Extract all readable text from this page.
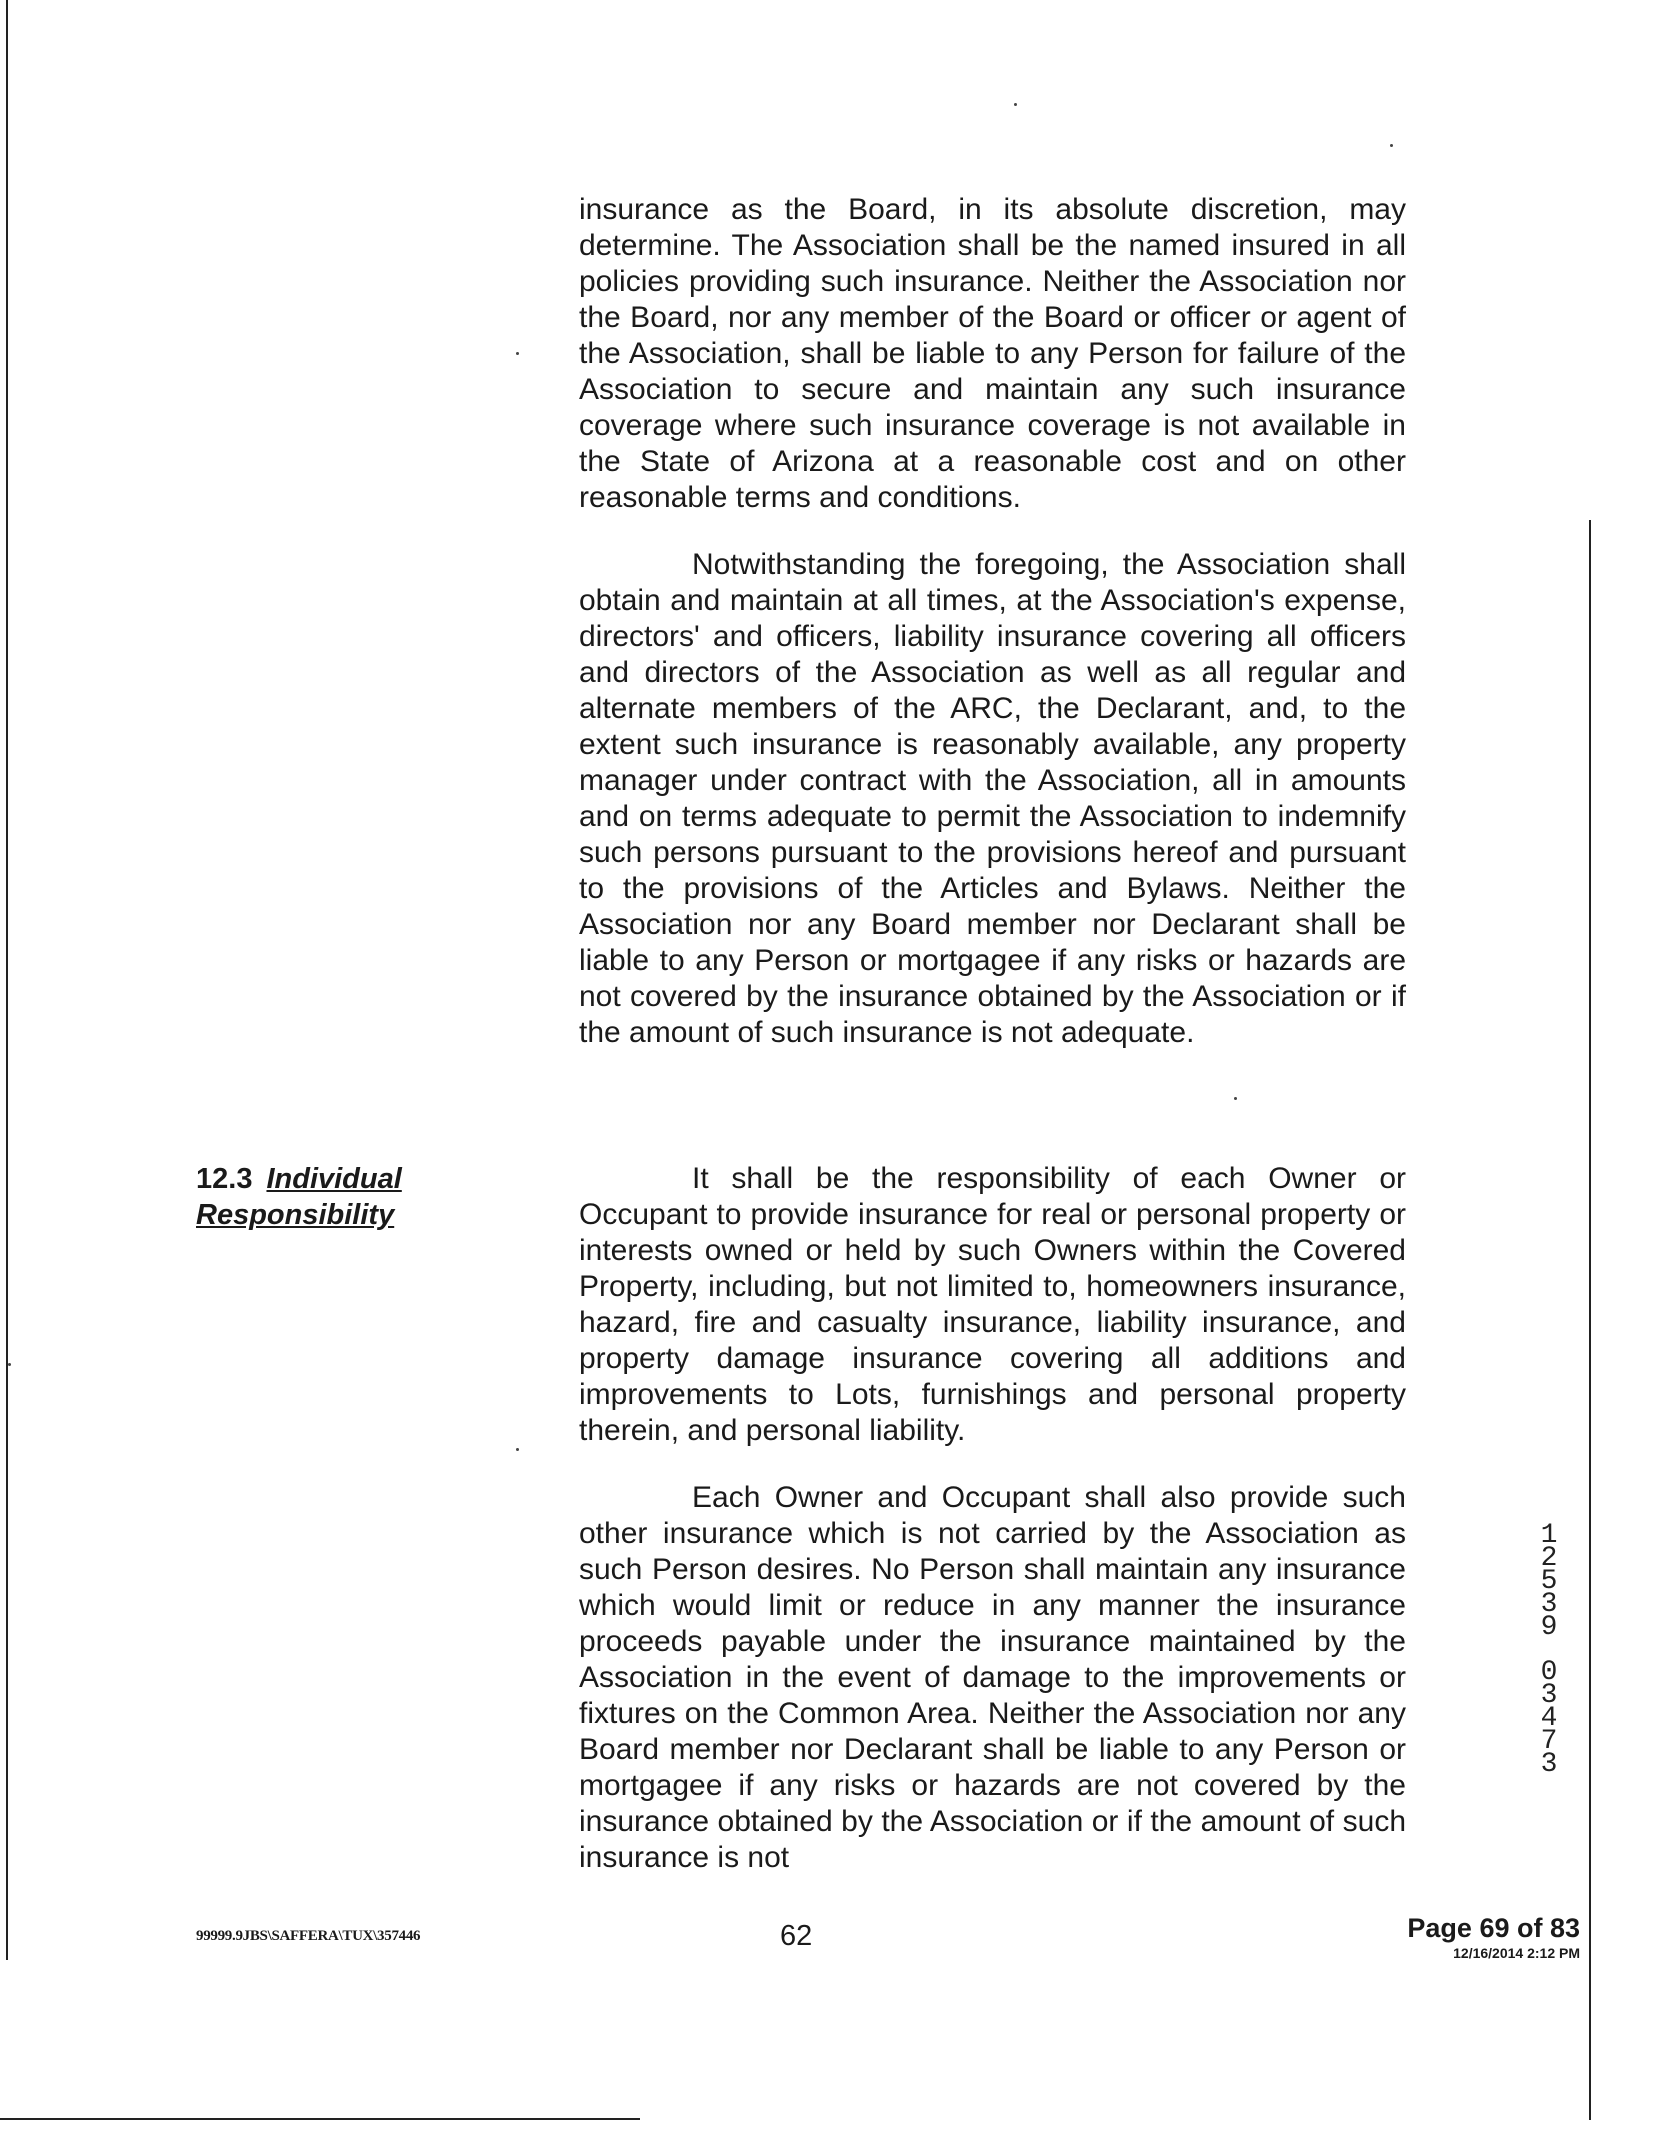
insurance as the Board, in its absolute discretion, may determine. The Association shall be the named insured in all policies providing such insurance. Neither the Association nor the Board, nor any member of the Board or officer or agent of the Association, shall be liable to any Person for failure of the Association to secure and maintain any such insurance coverage where such insurance coverage is not available in the State of Arizona at a reasonable cost and on other reasonable terms and conditions.

Notwithstanding the foregoing, the Association shall obtain and maintain at all times, at the Association's expense, directors' and officers, liability insurance covering all officers and directors of the Association as well as all regular and alternate members of the ARC, the Declarant, and, to the extent such insurance is reasonably available, any property manager under contract with the Association, all in amounts and on terms adequate to permit the Association to indemnify such persons pursuant to the provisions hereof and pursuant to the provisions of the Articles and Bylaws. Neither the Association nor any Board member nor Declarant shall be liable to any Person or mortgagee if any risks or hazards are not covered by the insurance obtained by the Association or if the amount of such insurance is not adequate.

12.3 Individual Responsibility

It shall be the responsibility of each Owner or Occupant to provide insurance for real or personal property or interests owned or held by such Owners within the Covered Property, including, but not limited to, homeowners insurance, hazard, fire and casualty insurance, liability insurance, and property damage insurance covering all additions and improvements to Lots, furnishings and personal property therein, and personal liability.

Each Owner and Occupant shall also provide such other insurance which is not carried by the Association as such Person desires. No Person shall maintain any insurance which would limit or reduce in any manner the insurance proceeds payable under the insurance maintained by the Association in the event of damage to the improvements or fixtures on the Common Area. Neither the Association nor any Board member nor Declarant shall be liable to any Person or mortgagee if any risks or hazards are not covered by the insurance obtained by the Association or if the amount of such insurance is not

1
2
5
3
9
0
3
4
7
3
99999.9JBS\SAFFERA\TUX\357446	62	Page 69 of 83
12/16/2014 2:12 PM
